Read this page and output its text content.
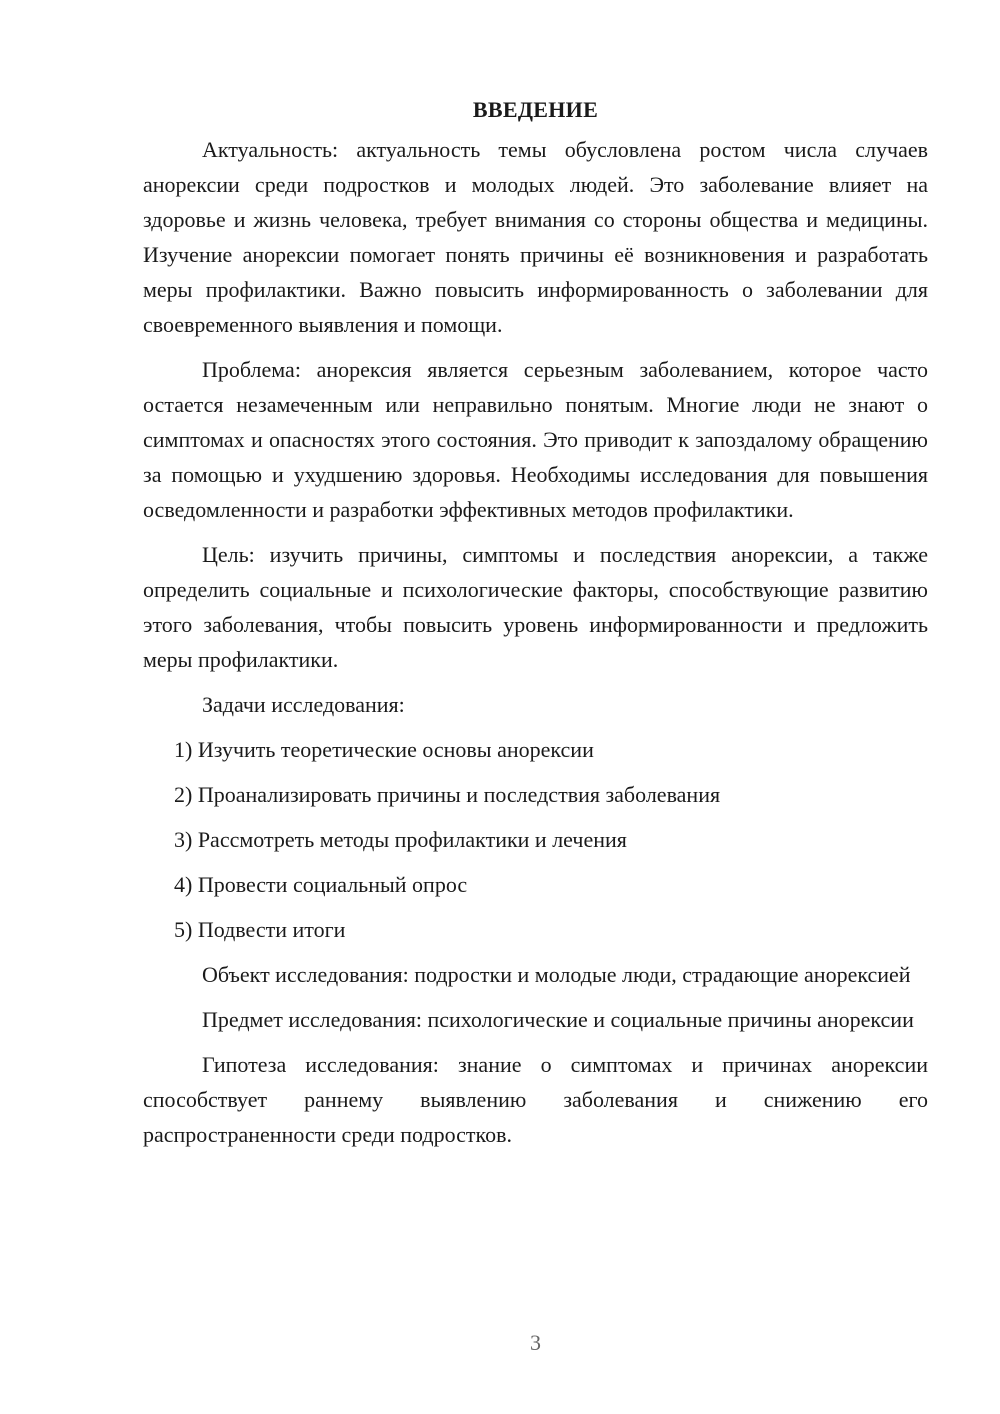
ВВЕДЕНИЕ

Актуальность: актуальность темы обусловлена ростом числа случаев анорексии среди подростков и молодых людей. Это заболевание влияет на здоровье и жизнь человека, требует внимания со стороны общества и медицины. Изучение анорексии помогает понять причины её возникновения и разработать меры профилактики. Важно повысить информированность о заболевании для своевременного выявления и помощи.

Проблема: анорексия является серьезным заболеванием, которое часто остается незамеченным или неправильно понятым. Многие люди не знают о симптомах и опасностях этого состояния. Это приводит к запоздалому обращению за помощью и ухудшению здоровья. Необходимы исследования для повышения осведомленности и разработки эффективных методов профилактики.

Цель: изучить причины, симптомы и последствия анорексии, а также определить социальные и психологические факторы, способствующие развитию этого заболевания, чтобы повысить уровень информированности и предложить меры профилактики.

Задачи исследования:
1) Изучить теоретические основы анорексии
2) Проанализировать причины и последствия заболевания
3) Рассмотреть методы профилактики и лечения
4) Провести социальный опрос
5) Подвести итоги

Объект исследования: подростки и молодые люди, страдающие анорексией

Предмет исследования: психологические и социальные причины анорексии

Гипотеза исследования: знание о симптомах и причинах анорексии способствует раннему выявлению заболевания и снижению его распространенности среди подростков.

3
